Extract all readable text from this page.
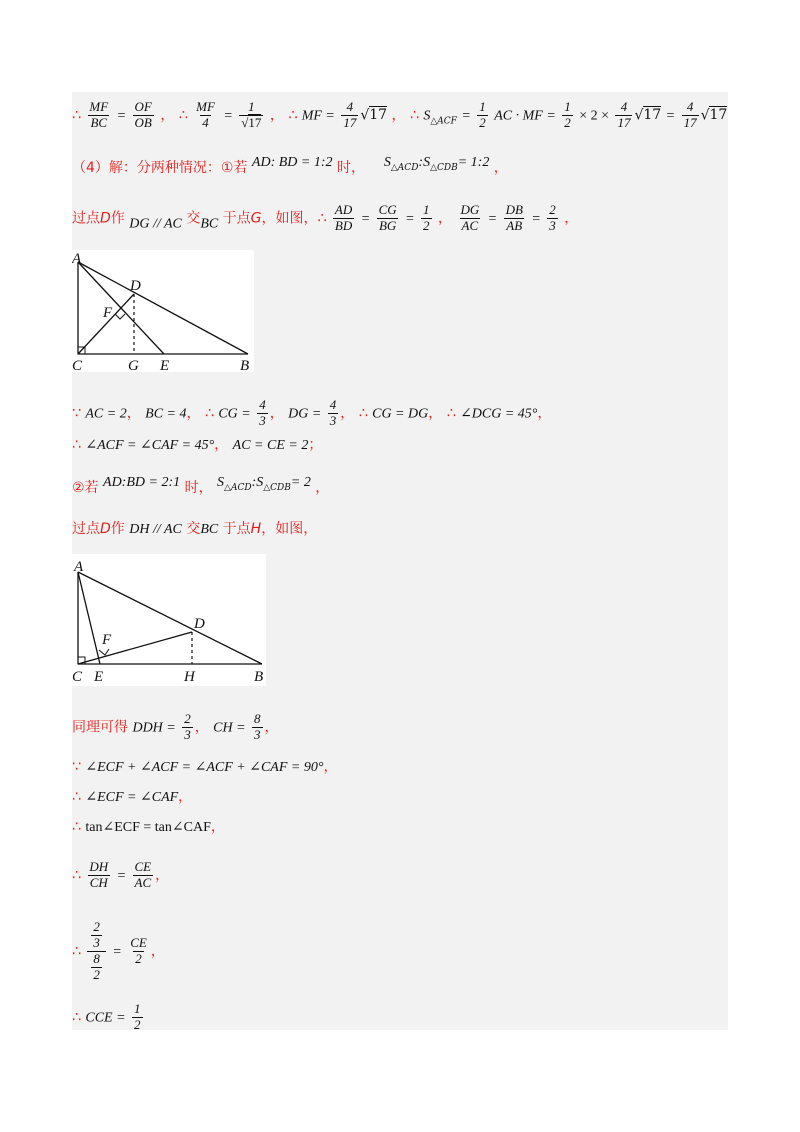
∴ $\frac{MF}{BC} = \frac{OF}{OB}$ ， ∴ $\frac{MF}{4} = \frac{1}{√17}$ ， ∴ MF = $\frac{4}{17} √17$ ， ∴ $S_{\triangle ACF} = \frac{1}{2}$ AC · MF = $\frac{1}{2} \times 2 \times \frac{4}{17} √17 = \frac{4}{17} √17$
（4）解：分两种情况：①若 AD: BD = 1:2 时， $S^{\triangle ACD}:S^{\triangle CDB}=$ 1:2 ，
过点D作 DG // AC 交BC 于点G，如图，∴ $\frac{AD}{BD} = \frac{CG}{BG} = \frac{1}{2}$ ， $\frac{DG}{AC} = \frac{DB}{AB} = \frac{2}{3}$ ，
A
D
F
C	G E	B
∵ AC = 2， BC = 4， ∴ CG = $\frac{4}{3}$ ， DG = $\frac{4}{3}$ ， ∴ CG = DG， ∴ ∠DCG = 45°，
∴ ∠ACF = ∠CAF = 45°， AC = CE = 2；
②若 AD:BD = 2:1 时， $S^{\triangle ACD}:S^{\triangle CDB}= 2$ ，
过点D作 DH // AC 交BC 于点H，如图，
A
D
F
C E	H	B
同理可得 DDH = $\frac{2}{3}$ ， CH = $\frac{8}{3}$ ，
∵ ∠ECF + ∠ACF = ∠ACF + ∠CAF = 90°，
∴ ∠ECF = ∠CAF，
∴ tan∠ECF = tan∠CAF，
∴ $\frac{DH}{CH} = \frac{CE}{AC}$ ，
∴ $\frac{\frac{2}{3}}{\frac{8}{2}} = \frac{CE}{2}$ ，
∴ CCE = $\frac{1}{2}$
